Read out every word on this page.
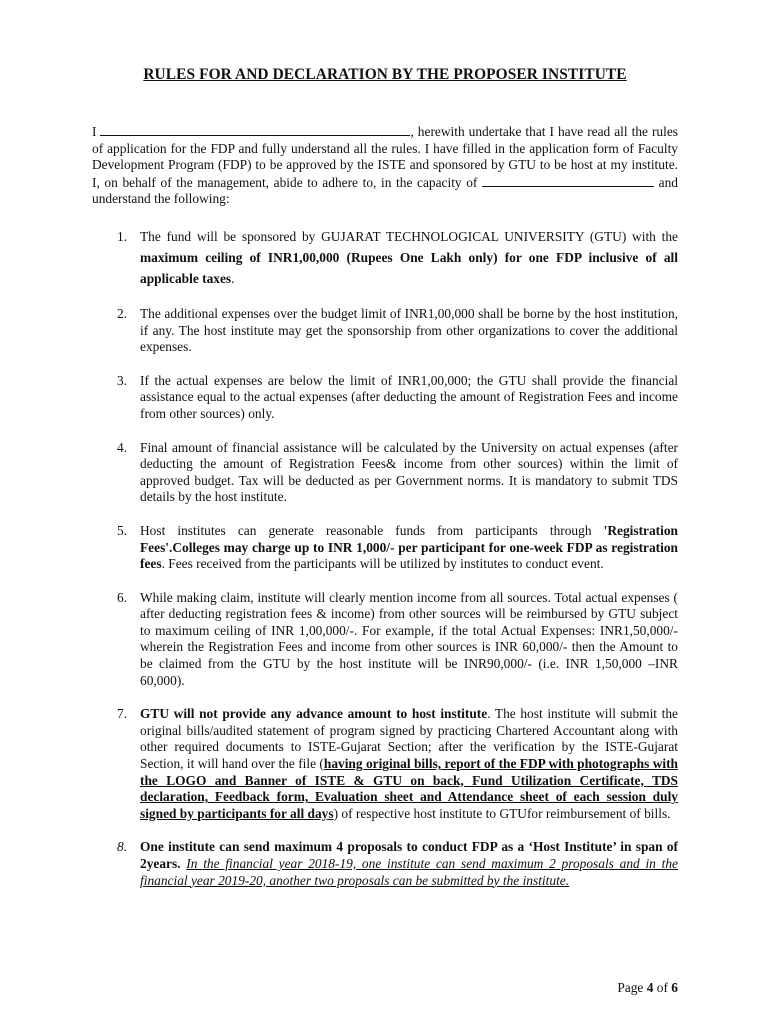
RULES FOR AND DECLARATION BY THE PROPOSER INSTITUTE

I	, herewith undertake that I have read all the rules of application for the FDP and fully understand all the rules. I have filled in the application form of Faculty Development Program (FDP) to be approved by the ISTE and sponsored by GTU to be host at my institute. I, on behalf of the management, abide to adhere to, in the capacity of	and understand the following:

1. The fund will be sponsored by GUJARAT TECHNOLOGICAL UNIVERSITY (GTU) with the maximum ceiling of INR1,00,000 (Rupees One Lakh only) for one FDP inclusive of all applicable taxes.
2. The additional expenses over the budget limit of INR1,00,000 shall be borne by the host institution, if any. The host institute may get the sponsorship from other organizations to cover the additional expenses.
3. If the actual expenses are below the limit of INR1,00,000; the GTU shall provide the financial assistance equal to the actual expenses (after deducting the amount of Registration Fees and income from other sources) only.
4. Final amount of financial assistance will be calculated by the University on actual expenses (after deducting the amount of Registration Fees& income from other sources) within the limit of approved budget. Tax will be deducted as per Government norms. It is mandatory to submit TDS details by the host institute.
5. Host institutes can generate reasonable funds from participants through 'Registration Fees'.Colleges may charge up to INR 1,000/- per participant for one-week FDP as registration fees. Fees received from the participants will be utilized by institutes to conduct event.
6. While making claim, institute will clearly mention income from all sources. Total actual expenses ( after deducting registration fees & income) from other sources will be reimbursed by GTU subject to maximum ceiling of INR 1,00,000/-. For example, if the total Actual Expenses: INR1,50,000/- wherein the Registration Fees and income from other sources is INR 60,000/- then the Amount to be claimed from the GTU by the host institute will be INR90,000/- (i.e. INR 1,50,000 –INR 60,000).
7. GTU will not provide any advance amount to host institute. The host institute will submit the original bills/audited statement of program signed by practicing Chartered Accountant along with other required documents to ISTE-Gujarat Section; after the verification by the ISTE-Gujarat Section, it will hand over the file (having original bills, report of the FDP with photographs with the LOGO and Banner of ISTE & GTU on back, Fund Utilization Certificate, TDS declaration, Feedback form, Evaluation sheet and Attendance sheet of each session duly signed by participants for all days) of respective host institute to GTUfor reimbursement of bills.
8. One institute can send maximum 4 proposals to conduct FDP as a ‘Host Institute’ in span of 2years. In the financial year 2018-19, one institute can send maximum 2 proposals and in the financial year 2019-20, another two proposals can be submitted by the institute.
Page 4 of 6
